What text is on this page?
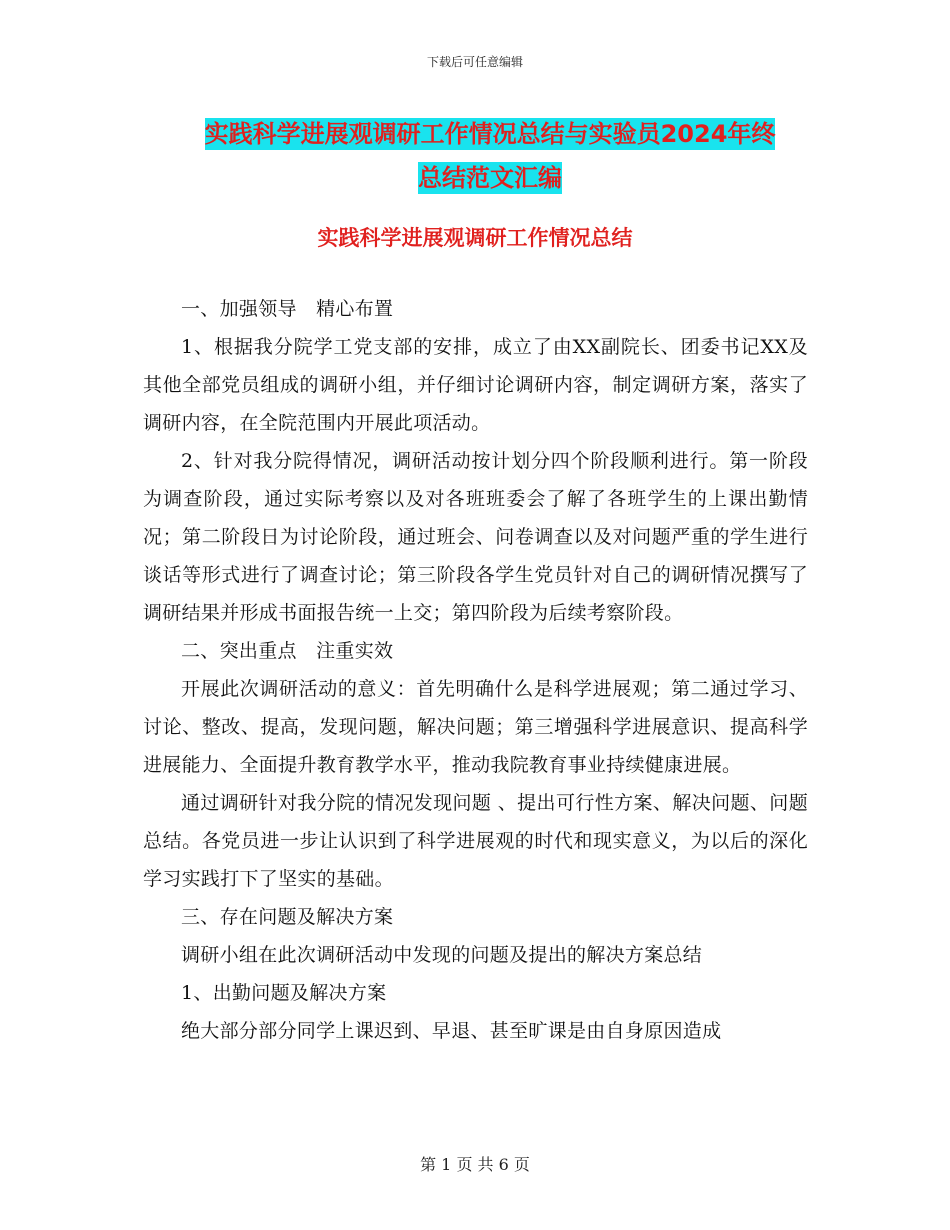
下载后可任意编辑
实践科学进展观调研工作情况总结与实验员2024年终
总结范文汇编
实践科学进展观调研工作情况总结

一、加强领导　精心布置

1、根据我分院学工党支部的安排，成立了由XX副院长、团委书记XX及其他全部党员组成的调研小组，并仔细讨论调研内容，制定调研方案，落实了调研内容，在全院范围内开展此项活动。

2、针对我分院得情况，调研活动按计划分四个阶段顺利进行。第一阶段为调查阶段，通过实际考察以及对各班班委会了解了各班学生的上课出勤情况；第二阶段日为讨论阶段，通过班会、问卷调查以及对问题严重的学生进行谈话等形式进行了调查讨论；第三阶段各学生党员针对自己的调研情况撰写了调研结果并形成书面报告统一上交；第四阶段为后续考察阶段。

二、突出重点　注重实效

开展此次调研活动的意义：首先明确什么是科学进展观；第二通过学习、讨论、整改、提高，发现问题，解决问题；第三增强科学进展意识、提高科学进展能力、全面提升教育教学水平，推动我院教育事业持续健康进展。

通过调研针对我分院的情况发现问题 、提出可行性方案、解决问题、问题总结。各党员进一步让认识到了科学进展观的时代和现实意义，为以后的深化学习实践打下了坚实的基础。

三、存在问题及解决方案

调研小组在此次调研活动中发现的问题及提出的解决方案总结

1、出勤问题及解决方案

绝大部分部分同学上课迟到、早退、甚至旷课是由自身原因造成

第 1 页 共 6 页
